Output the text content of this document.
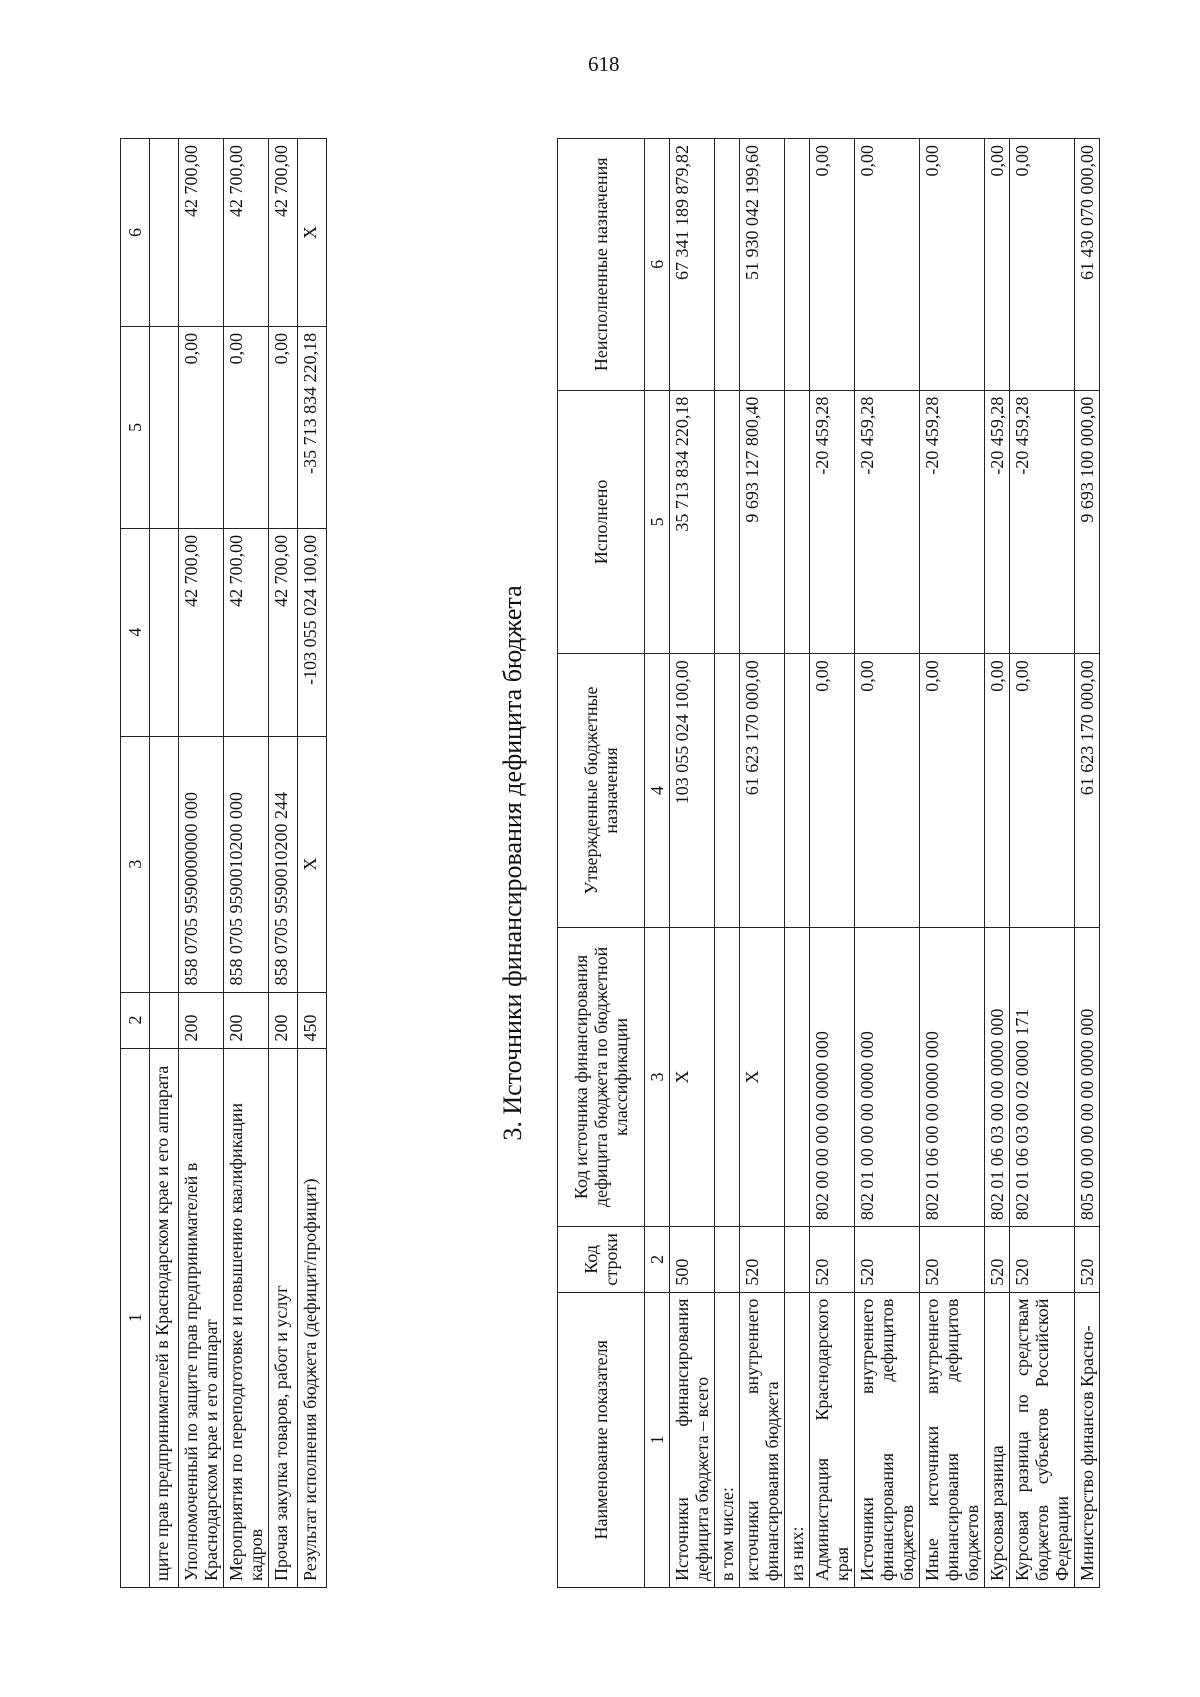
618
1	2	3	4	5	6
щите прав предпринимателей в Краснодарском крае и его аппарата					
Уполномоченный по защите прав предпринимателей в Краснодарском крае и его аппарат	200	858 0705 9590000000 000	42 700,00	0,00	42 700,00
Мероприятия по переподготовке и повышению квалификации кадров	200	858 0705 9590010200 000	42 700,00	0,00	42 700,00
Прочая закупка товаров, работ и услуг	200	858 0705 9590010200 244	42 700,00	0,00	42 700,00
Результат исполнения бюджета (дефицит/профицит)	450	X	-103 055 024 100,00	-35 713 834 220,18	X
3. Источники финансирования дефицита бюджета
Наименование показателя	Код строки	Код источника финансирования дефицита бюджета по бюджетной классификации	Утвержденные бюджетные назначения	Исполнено	Неисполненные назначения
1	2	3	4	5	6
Источники финансирования дефицита бюджета – всего	500	X	103 055 024 100,00	35 713 834 220,18	67 341 189 879,82
в том числе:					
источники внутреннего финансирования бюджета	520	X	61 623 170 000,00	9 693 127 800,40	51 930 042 199,60
из них:					
Администрация Краснодарского края	520	802 00 00 00 00 0000 000	0,00	-20 459,28	0,00
Источники внутреннего финансирования дефицитов бюджетов	520	802 01 00 00 00 0000 000	0,00	-20 459,28	0,00
Иные источники внутреннего финансирования дефицитов бюджетов	520	802 01 06 00 00 0000 000	0,00	-20 459,28	0,00
Курсовая разница	520	802 01 06 03 00 00 0000 000	0,00	-20 459,28	0,00
Курсовая разница по средствам бюджетов субъектов Российской Федерации	520	802 01 06 03 00 02 0000 171	0,00	-20 459,28	0,00
Министерство финансов Красно-	520	805 00 00 00 00 00 0000 000	61 623 170 000,00	9 693 100 000,00	61 430 070 000,00
